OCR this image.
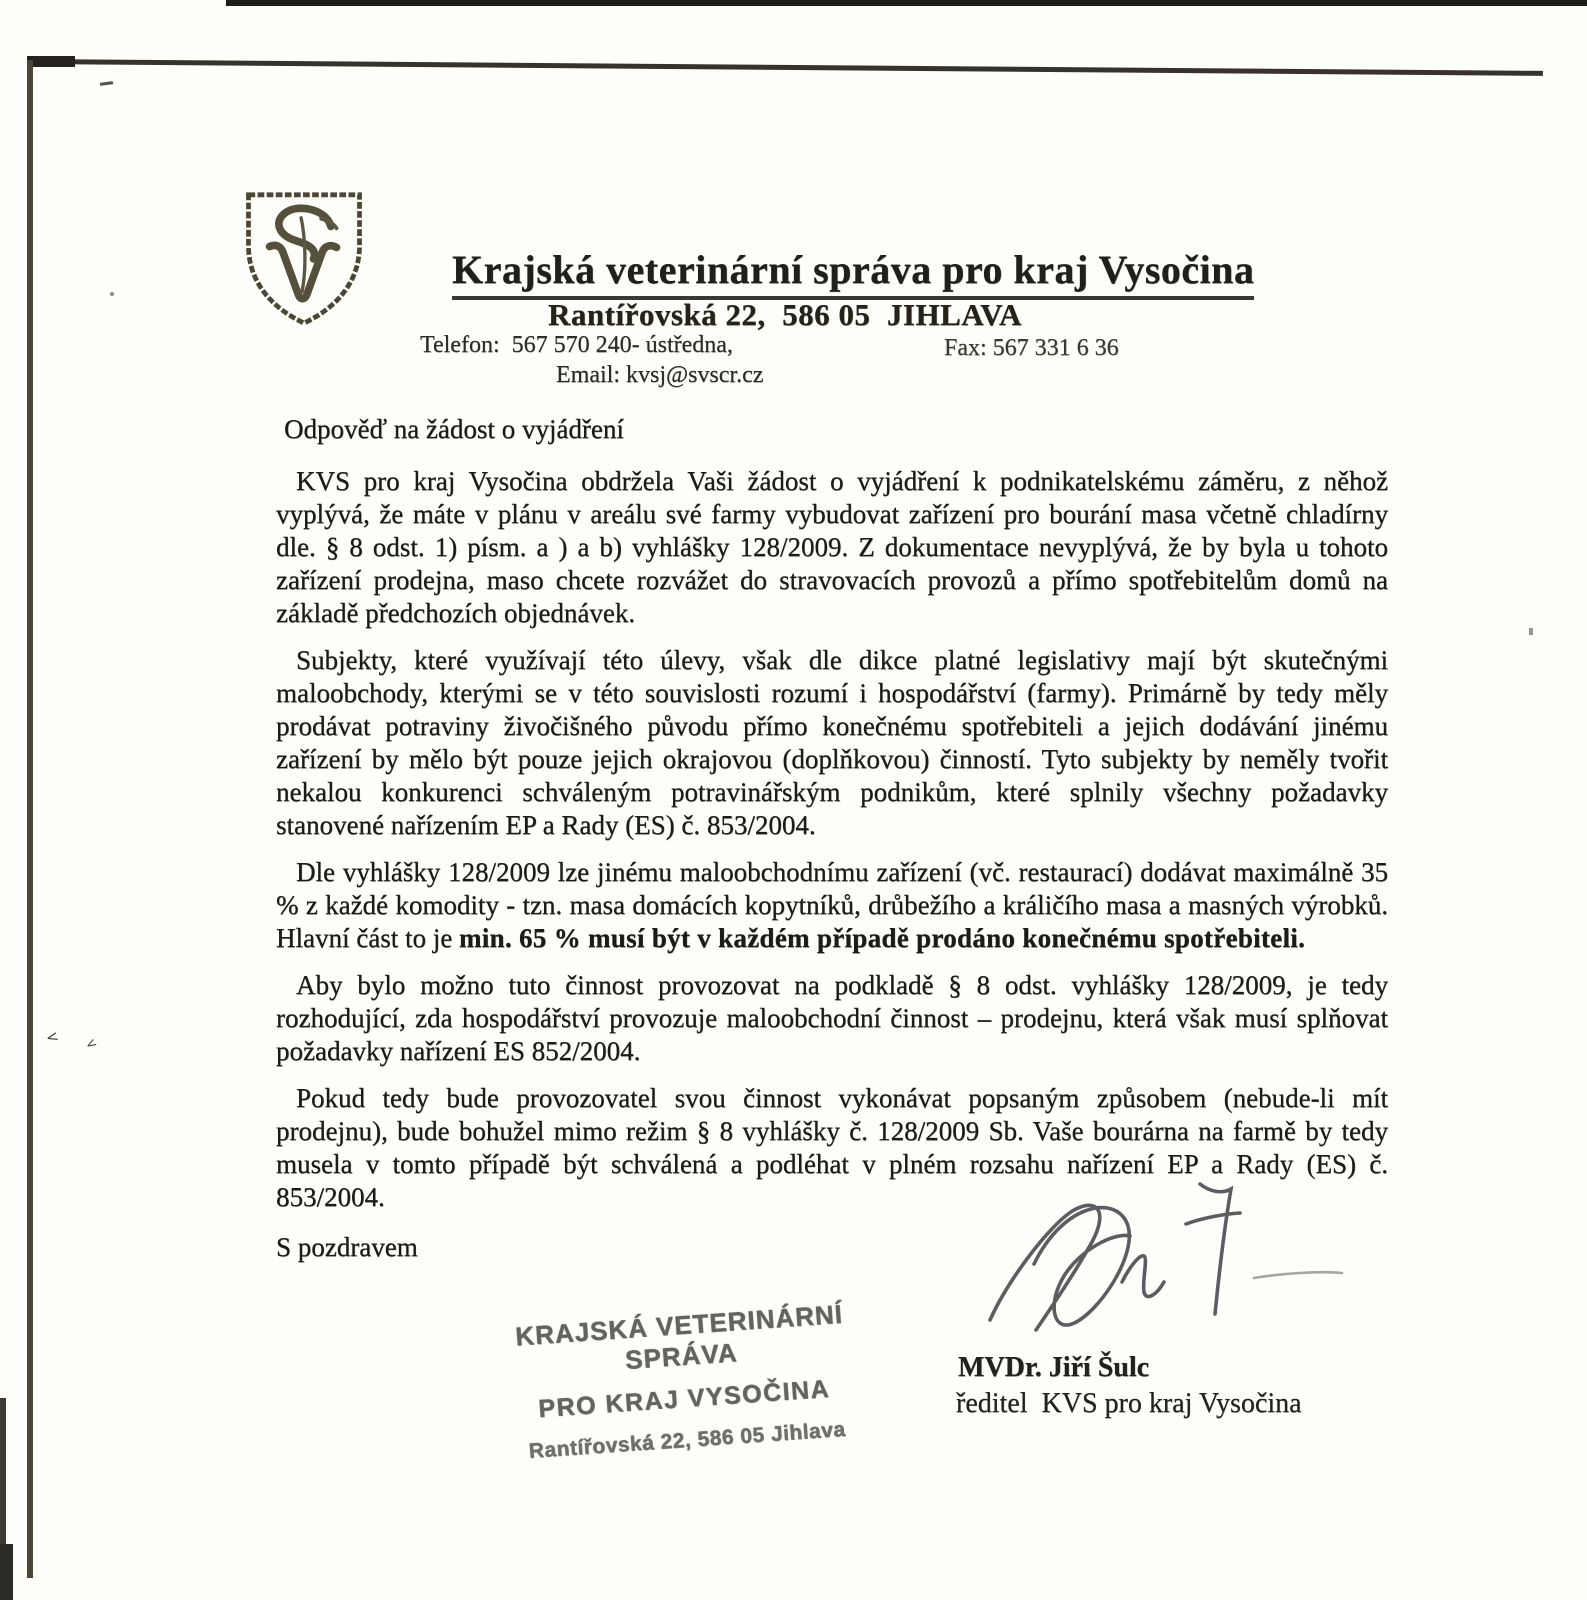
< <
Krajská veterinární správa pro kraj Vysočina
Rantířovská 22,  586 05  JIHLAVA
Telefon:  567 570 240- ústředna,	Fax: 567 331 6 36
Email: kvsj@svscr.cz
Odpověď na žádost o vyjádření

KVS pro kraj Vysočina obdržela Vaši žádost o vyjádření k podnikatelskému záměru, z něhož vyplývá, že máte v plánu v areálu své farmy vybudovat zařízení pro bourání masa včetně chladírny dle. § 8 odst. 1) písm. a ) a b) vyhlášky 128/2009. Z dokumentace nevyplývá, že by byla u tohoto zařízení prodejna, maso chcete rozvážet do stravovacích provozů a přímo spotřebitelům domů na základě předchozích objednávek.

Subjekty, které využívají této úlevy, však dle dikce platné legislativy mají být skutečnými maloobchody, kterými se v této souvislosti rozumí i hospodářství (farmy). Primárně by tedy měly prodávat potraviny živočišného původu přímo konečnému spotřebiteli a jejich dodávání jinému zařízení by mělo být pouze jejich okrajovou (doplňkovou) činností. Tyto subjekty by neměly tvořit nekalou konkurenci schváleným potravinářským podnikům, které splnily všechny požadavky stanovené nařízením EP a Rady (ES) č. 853/2004.

Dle vyhlášky 128/2009 lze jinému maloobchodnímu zařízení (vč. restaurací) dodávat maximálně 35 % z každé komodity - tzn. masa domácích kopytníků, drůbežího a králičího masa a masných výrobků. Hlavní část to je min. 65 % musí být v každém případě prodáno konečnému spotřebiteli.

Aby bylo možno tuto činnost provozovat na podkladě § 8 odst. vyhlášky 128/2009, je tedy rozhodující, zda hospodářství provozuje maloobchodní činnost – prodejnu, která však musí splňovat požadavky nařízení ES 852/2004.

Pokud tedy bude provozovatel svou činnost vykonávat popsaným způsobem (nebude-li mít prodejnu), bude bohužel mimo režim § 8 vyhlášky č. 128/2009 Sb. Vaše bourárna na farmě by tedy musela v tomto případě být schválená a podléhat v plném rozsahu nařízení EP a Rady (ES) č. 853/2004.

S pozdravem
KRAJSKÁ VETERINÁRNÍ SPRÁVA
PRO KRAJ VYSOČINA
Rantířovská 22, 586 05 Jihlava
MVDr. Jiří Šulc
ředitel  KVS pro kraj Vysočina
